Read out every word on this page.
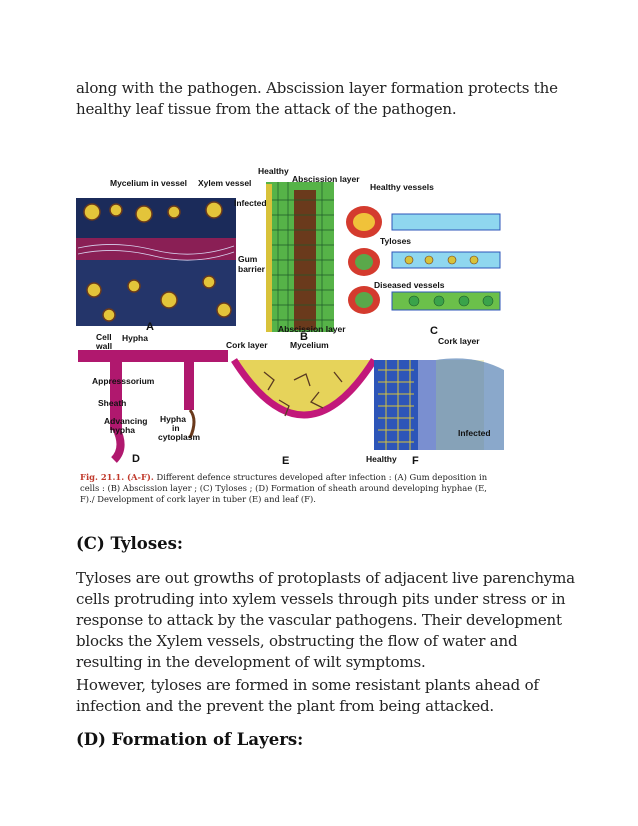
along with the pathogen. Abscission layer formation protects the healthy leaf tissue from the attack of the pathogen.

Mycelium in vessel Xylem vessel
Healthy
Abscission layer
Healthy vessels
Infected
Gum
barrier
Tyloses
Diseased vessels
Abscission layer
A
B	C
Cell
wall
Hypha
Cork layer	Mycelium	Cork layer
Appresssorium
Sheath
Advancing
hypha
Hypha
in
cytoplasm	Infected
Healthy
D	E	F
Fig. 21.1. (A-F). Different defence structures developed after infection : (A) Gum deposition in cells : (B) Abscission layer ; (C) Tyloses ; (D) Formation of sheath around developing hyphae (E, F)./ Development of cork layer in tuber (E) and leaf (F).

(C) Tyloses:

Tyloses are out growths of protoplasts of adjacent live parenchyma cells protruding into xylem vessels through pits under stress or in response to attack by the vascular pathogens. Their development blocks the Xylem vessels, obstructing the flow of water and resulting in the development of wilt symptoms.

However, tyloses are formed in some resistant plants ahead of infection and the prevent the plant from being attacked.

(D) Formation of Layers:
